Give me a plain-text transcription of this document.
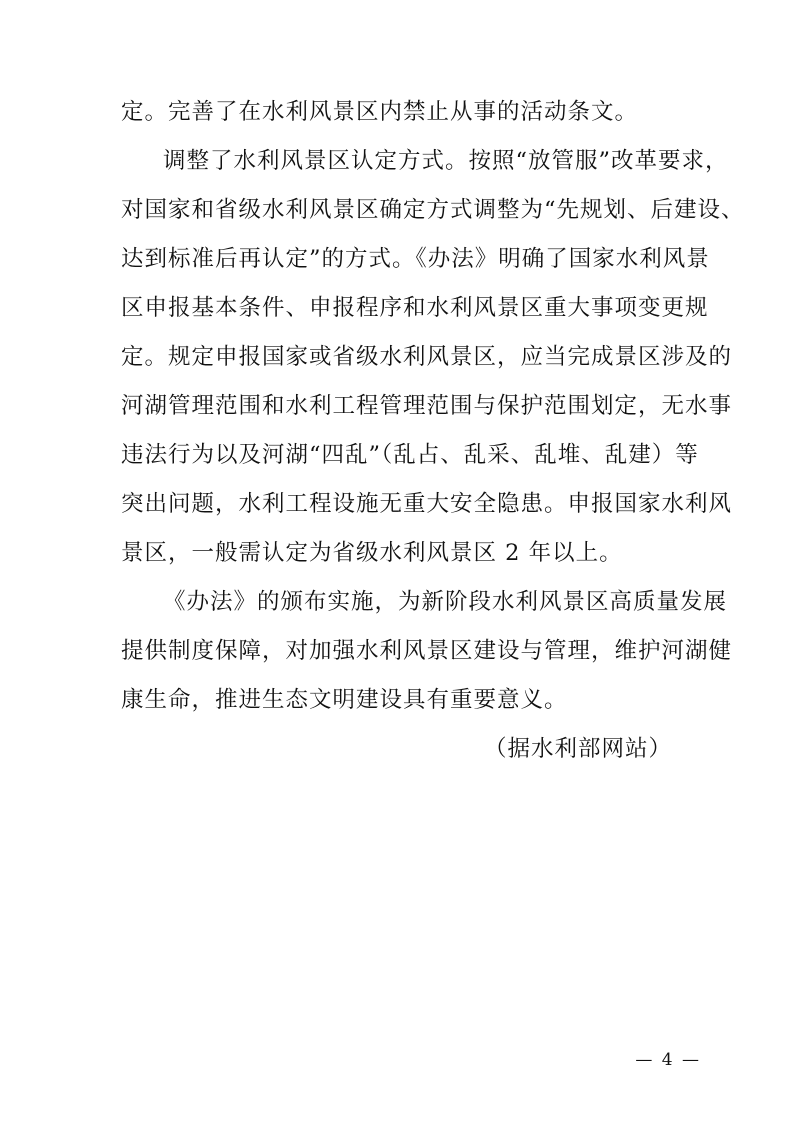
定。完善了在水利风景区内禁止从事的活动条文。
调整了水利风景区认定方式。按照“放管服”改革要求，
对国家和省级水利风景区确定方式调整为“先规划、后建设、
达到标准后再认定”的方式。《办法》明确了国家水利风景
区申报基本条件、申报程序和水利风景区重大事项变更规
定。规定申报国家或省级水利风景区，应当完成景区涉及的
河湖管理范围和水利工程管理范围与保护范围划定，无水事
违法行为以及河湖“四乱”（乱占、乱采、乱堆、乱建）等
突出问题，水利工程设施无重大安全隐患。申报国家水利风
景区，一般需认定为省级水利风景区 2 年以上。
《办法》的颁布实施，为新阶段水利风景区高质量发展
提供制度保障，对加强水利风景区建设与管理，维护河湖健
康生命，推进生态文明建设具有重要意义。
（据水利部网站）
— 4 —
